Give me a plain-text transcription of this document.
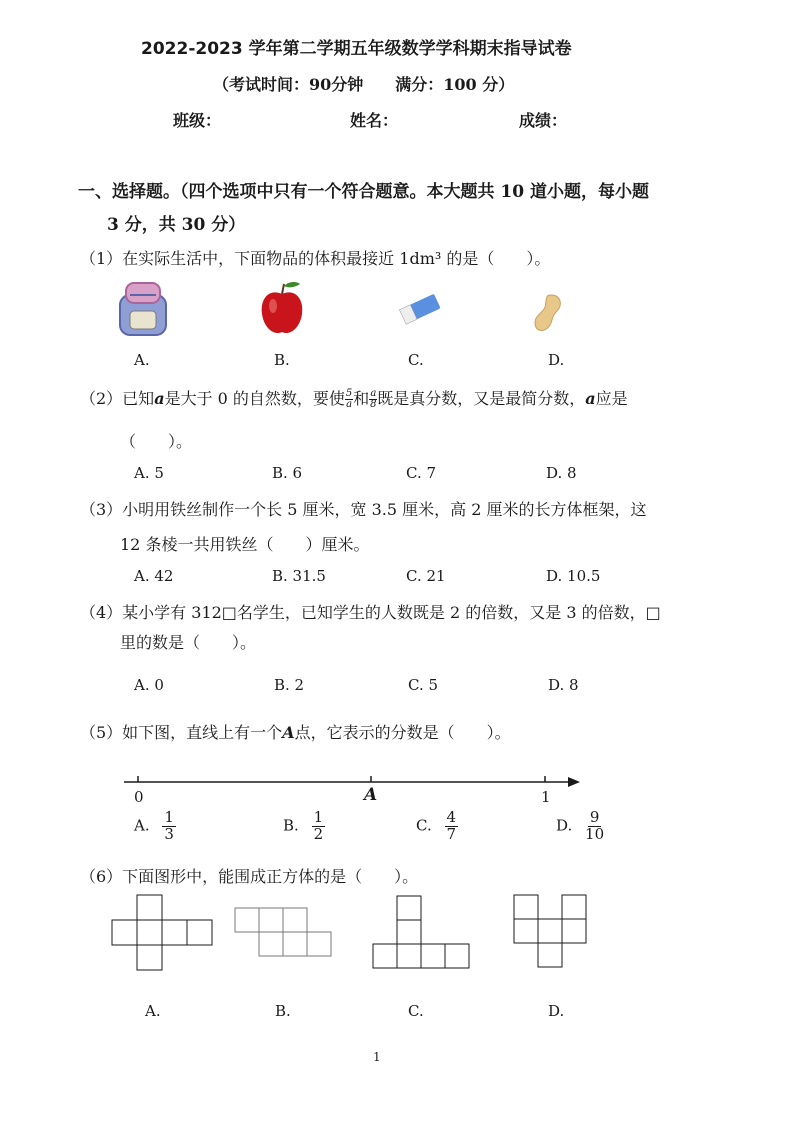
2022-2023 学年第二学期五年级数学学科期末指导试卷
（考试时间：90分钟　　满分：100 分）
班级：	姓名：	成绩：
一、选择题。（四个选项中只有一个符合题意。本大题共 10 道小题，每小题
3 分，共 30 分）
（1）在实际生活中，下面物品的体积最接近 1dm³ 的是（　　）。
A.	B.	C.	D.
（2）已知a是大于 0 的自然数，要使 $\frac{5}{a}$ 和 $\frac{a}{8}$ 既是真分数，又是最简分数，a应是
（　　）。
A. 5	B. 6	C. 7	D. 8
（3）小明用铁丝制作一个长 5 厘米，宽 3.5 厘米，高 2 厘米的长方体框架，这
12 条棱一共用铁丝（　　）厘米。
A. 42	B. 31.5	C. 21	D. 10.5
（4）某小学有 312□名学生，已知学生的人数既是 2 的倍数，又是 3 的倍数，□
里的数是（　　）。
A. 0	B. 2	C. 5	D. 8
（5）如下图，直线上有一个A点，它表示的分数是（　　）。
0	A	1
A. $\frac{1}{3}$	B. $\frac{1}{2}$	C. $\frac{4}{7}$	D. $\frac{9}{10}$
（6）下面图形中，能围成正方体的是（　　）。
A.	B.	C.	D.
1
